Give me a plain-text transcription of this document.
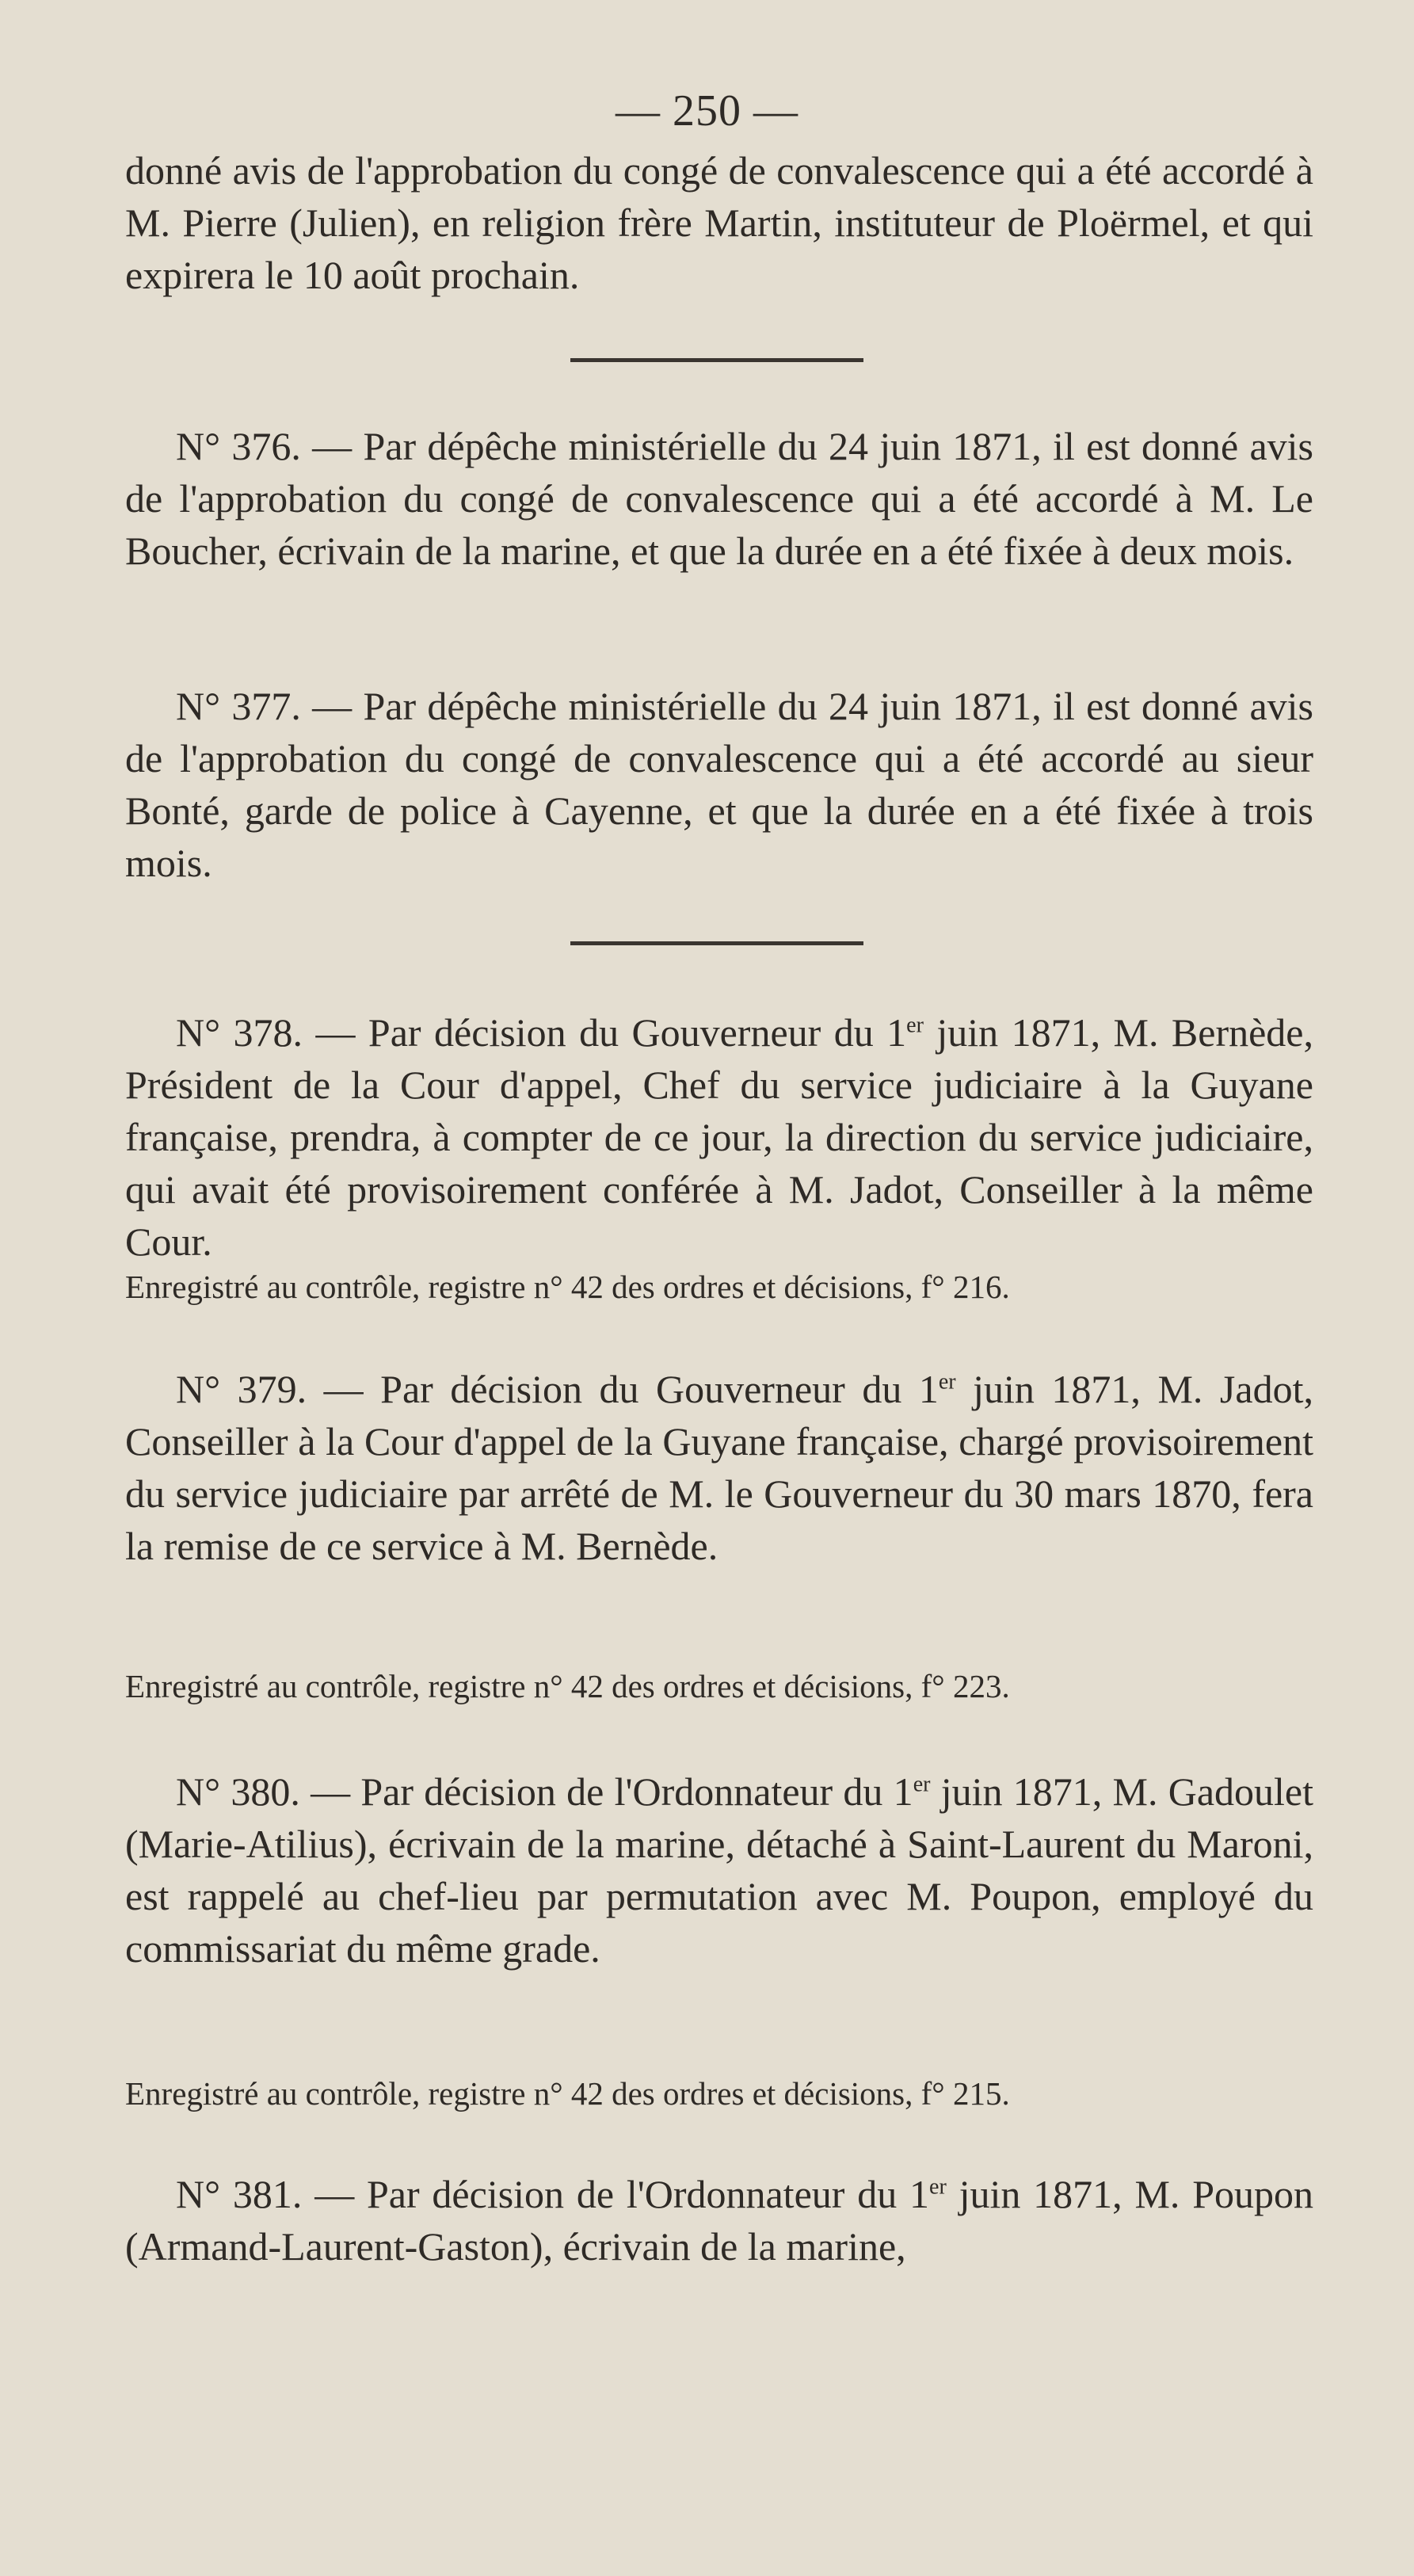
— 250 —

donné avis de l'approbation du congé de convalescence qui a été accordé à M. Pierre (Julien), en religion frère Martin, instituteur de Ploërmel, et qui expirera le 10 août prochain.

N° 376. — Par dépêche ministérielle du 24 juin 1871, il est donné avis de l'approbation du congé de convalescence qui a été accordé à M. Le Boucher, écrivain de la marine, et que la durée en a été fixée à deux mois.

N° 377. — Par dépêche ministérielle du 24 juin 1871, il est donné avis de l'approbation du congé de convalescence qui a été accordé au sieur Bonté, garde de police à Cayenne, et que la durée en a été fixée à trois mois.

N° 378. — Par décision du Gouverneur du 1er juin 1871, M. Bernède, Président de la Cour d'appel, Chef du service judiciaire à la Guyane française, prendra, à compter de ce jour, la direction du service judiciaire, qui avait été provisoirement conférée à M. Jadot, Conseiller à la même Cour.

Enregistré au contrôle, registre n° 42 des ordres et décisions, f° 216.

N° 379. — Par décision du Gouverneur du 1er juin 1871, M. Jadot, Conseiller à la Cour d'appel de la Guyane française, chargé provisoirement du service judiciaire par arrêté de M. le Gouverneur du 30 mars 1870, fera la remise de ce service à M. Bernède.

Enregistré au contrôle, registre n° 42 des ordres et décisions, f° 223.

N° 380. — Par décision de l'Ordonnateur du 1er juin 1871, M. Gadoulet (Marie-Atilius), écrivain de la marine, détaché à Saint-Laurent du Maroni, est rappelé au chef-lieu par permutation avec M. Poupon, employé du commissariat du même grade.

Enregistré au contrôle, registre n° 42 des ordres et décisions, f° 215.

N° 381. — Par décision de l'Ordonnateur du 1er juin 1871, M. Poupon (Armand-Laurent-Gaston), écrivain de la marine,
